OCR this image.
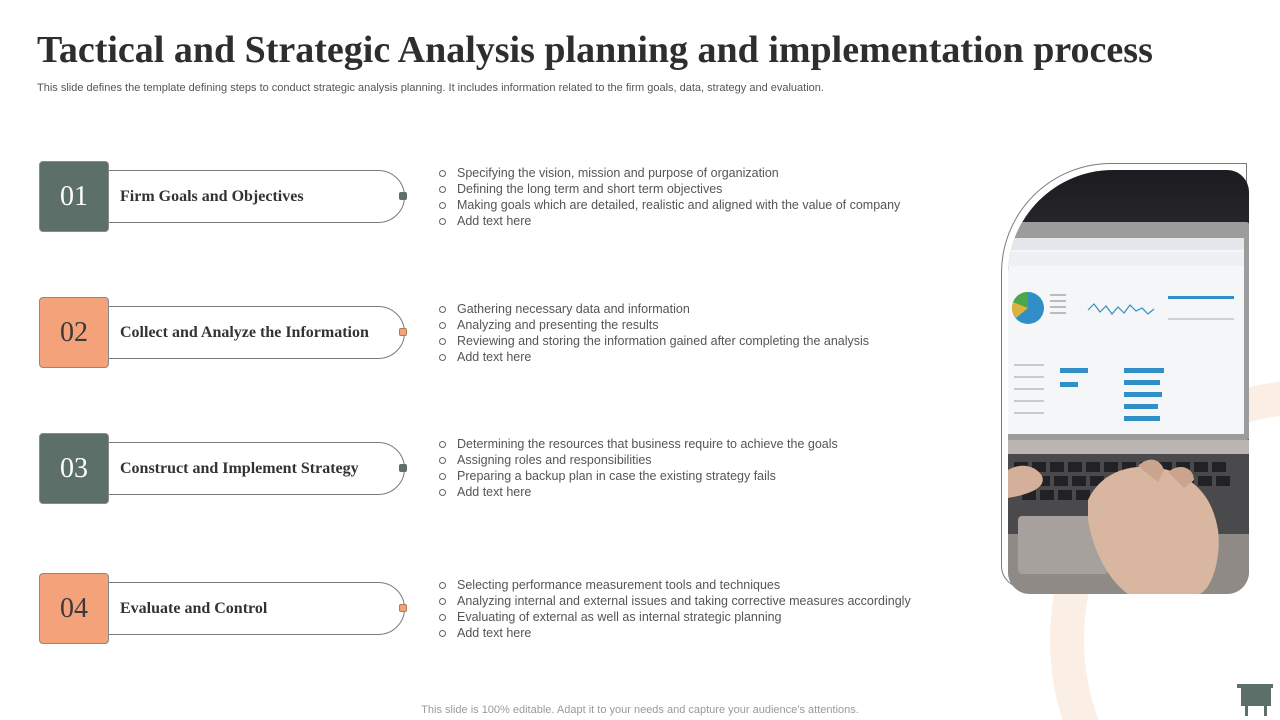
Tactical and Strategic Analysis planning and implementation process

This slide defines the template defining steps to conduct strategic analysis planning. It includes information related to the firm goals, data, strategy and evaluation.

01	Firm Goals and Objectives
Specifying the vision, mission and purpose of organization
Defining the long term and short term objectives
Making goals which are detailed, realistic and aligned with the value of company
Add text here
02	Collect and Analyze the Information
Gathering necessary data and information
Analyzing and presenting the results
Reviewing and storing the information gained after completing the analysis
Add text here
03	Construct and Implement Strategy
Determining the resources that business require to achieve the goals
Assigning roles and responsibilities
Preparing a backup plan in case the existing strategy fails
Add text here
04	Evaluate and Control
Selecting performance measurement tools and techniques
Analyzing internal and external issues and taking corrective measures accordingly
Evaluating of external as well as internal strategic planning
Add text here
This slide is 100% editable. Adapt it to your needs and capture your audience’s attentions.
